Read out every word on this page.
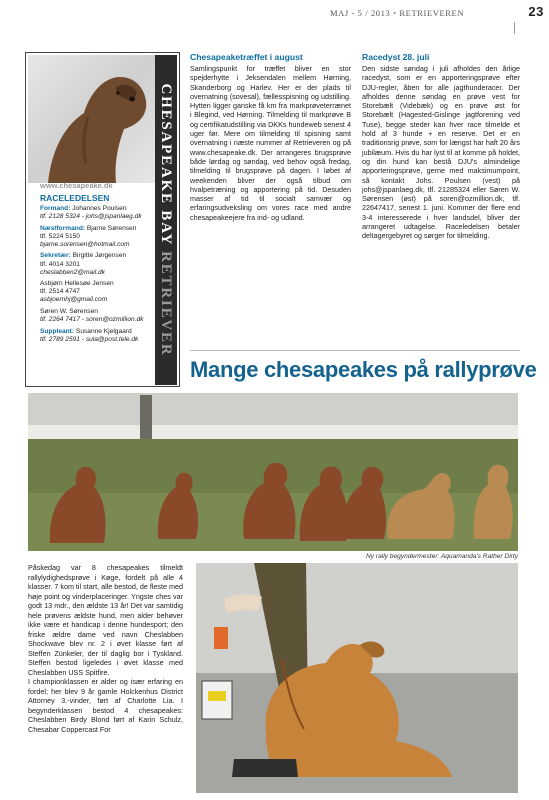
MAJ - 5 / 2013 • RETRIEVEREN	23
www.chesapeake.dk
RACELEDELSEN
Formand: Johannes Poulsen
tlf. 2128 5324 - johs@jspanlaeg.dk
Næstformand: Bjarne Sørensen
tlf. 5224 5150
bjarne.sorensen@hotmail.com
Sekretær: Birgitte Jørgensen
tlf. 4014 3201
cheslabben2@mail.dk
Asbjørn Hellesøe Jensen
tlf. 2514 4747
asbjoernhj@gmail.com
Søren W. Sørensen
tlf. 2264 7417 - soren@ozmillion.dk
Suppleant: Susanne Kjelgaard
tlf. 2789 2591 - sula@post.tele.dk
CHESAPEAKE BAY RETRIEVER
Chesapeaketræffet i august
Samlingspunkt for træffet bliver en stor spejderhytte i Jeksendalen mellem Hørning, Skanderborg og Harlev. Her er der plads til overnatning (sovesal), fællesspisning og udstilling. Hytten ligger ganske få km fra markprøveterrænet i Blegind, ved Hørning. Tilmelding til markprøve B og certifikatudstilling via DKKs hundeweb senest 4 uger før. Mere om tilmelding til spisning samt overnatning i næste nummer af Retrieveren og på www.chesapeake.dk. Der arrangeres brugsprøve både lørdag og søndag, ved behov også fredag, tilmelding til brugsprøve på dagen. I løbet af weekenden bliver der også tilbud om hvalpetræning og apportering på tid. Desuden masser af tid til socialt samvær og erfaringsudveksling om vores race med andre chesapeakeejere fra ind- og udland.
Racedyst 28. juli
Den sidste søndag i juli afholdes den årlige racedyst, som er en apporteringsprøve efter DJU-regler, åben for alle jagthunderacer. Der afholdes denne søndag en prøve vest for Storebælt (Videbæk) og en prøve øst for Storebælt (Hagested-Gislinge jagtforening ved Tuse), begge steder kan hver race tilmelde et hold af 3 hunde + en reserve. Det er en traditionsrig prøve, som for længst har haft 20 års jubilæum. Hvis du har lyst til at komme på holdet, og din hund kan bestå DJU's almindelige apporteringsprøve, gerne med maksimumpoint, så kontakt Johs. Poulsen (vest) på johs@jspanlaeg.dk, tlf. 21285324 eller Søren W. Sørensen (øst) på soren@ozmillion.dk, tlf. 22647417, senest 1. juni. Kommer der flere end 3-4 interesserede i hver landsdel, bliver der arrangeret udtagelse. Raceledelsen betaler deltagergebyret og sørger for tilmelding.
Mange chesapeakes på rallyprøve
Ny rally begyndermester: Aquamanda's Rather Dirty

Påskedag var 8 chesapeakes tilmeldt rallylydighedsprøve i Køge, fordelt på alle 4 klasser. 7 kom til start, alle bestod, de fleste med høje point og vinderplaceringer. Yngste ches var godt 13 mdr., den ældste 13 år! Det var samtidig hele prøvens ældste hund, men alder behøver ikke være et handicap i denne hundesport; den friske ældre dame ved navn Cheslabben Shockwave blev nr. 2 i øvet klasse ført af Steffen Zünkeler, der til daglig bor i Tyskland. Steffen bestod ligeledes i øvet klasse med Cheslabben USS Spitfire.

I championklassen er alder og især erfaring en fordel; her blev 9 år gamle Holckenhus District Attorney 3.-vinder, ført af Charlotte Lia. I begynderklassen bestod 4 chesapeakes: Cheslabben Birdy Blond ført af Karin Schulz, Chesabar Coppercast For
